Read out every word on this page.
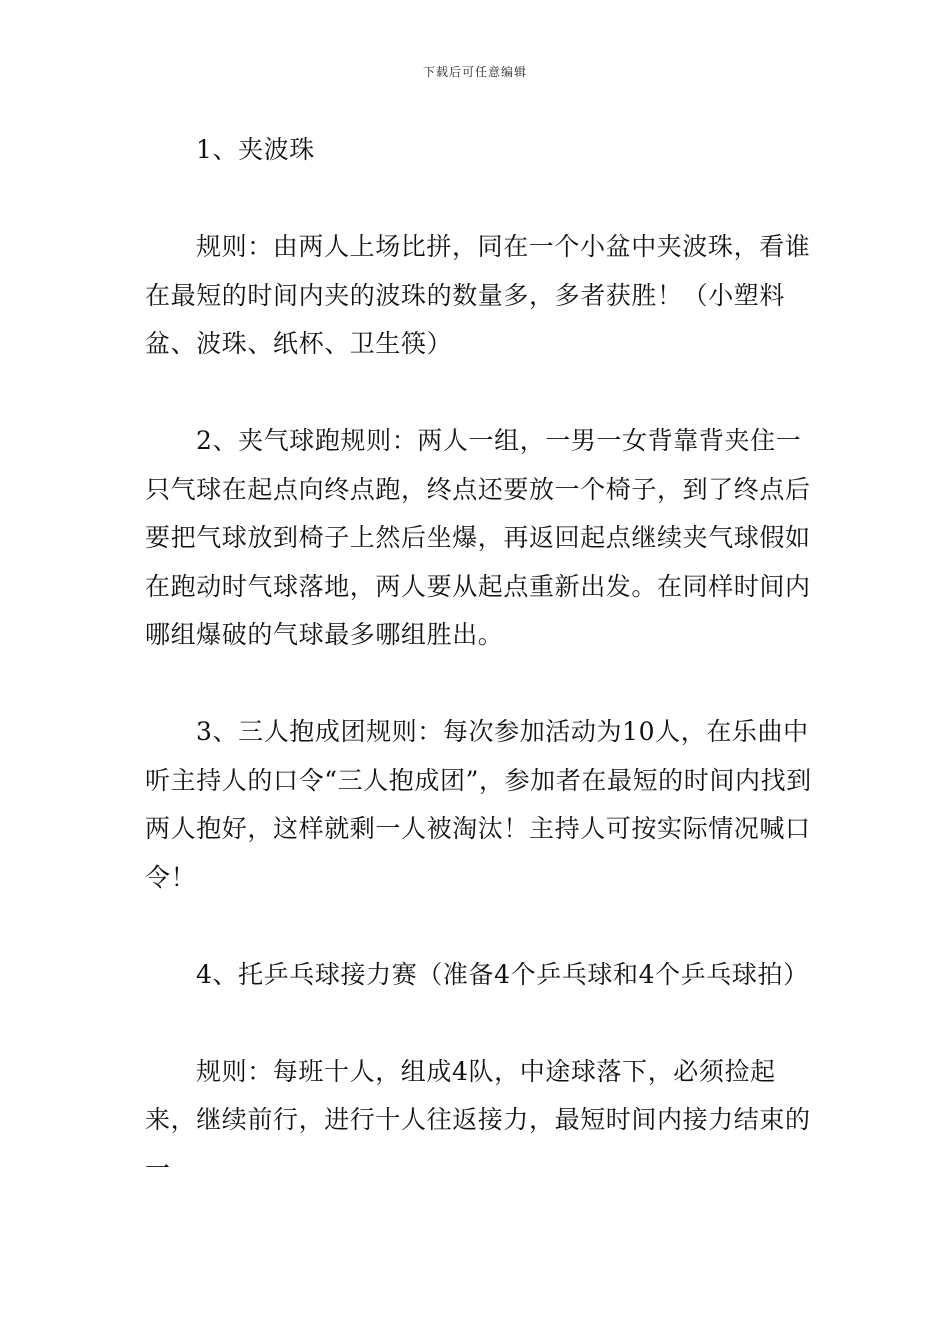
下载后可任意编辑

1、夹波珠

规则：由两人上场比拼，同在一个小盆中夹波珠，看谁在最短的时间内夹的波珠的数量多，多者获胜！（小塑料盆、波珠、纸杯、卫生筷）

2、夹气球跑规则：两人一组，一男一女背靠背夹住一只气球在起点向终点跑，终点还要放一个椅子，到了终点后要把气球放到椅子上然后坐爆，再返回起点继续夹气球假如在跑动时气球落地，两人要从起点重新出发。在同样时间内哪组爆破的气球最多哪组胜出。

3、三人抱成团规则：每次参加活动为10人，在乐曲中听主持人的口令“三人抱成团”，参加者在最短的时间内找到两人抱好，这样就剩一人被淘汰！主持人可按实际情况喊口令！

4、托乒乓球接力赛（准备4个乒乓球和4个乒乓球拍）

规则：每班十人，组成4队，中途球落下，必须捡起来，继续前行，进行十人往返接力，最短时间内接力结束的一
